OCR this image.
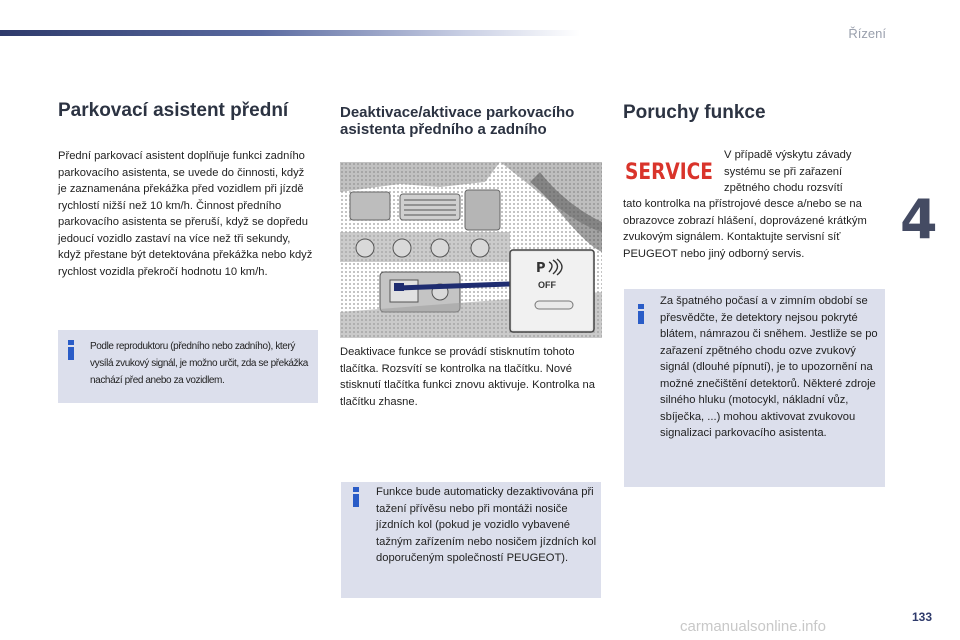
Řízení
4
133
carmanualsonline.info
Parkovací asistent přední
Přední parkovací asistent doplňuje funkci zadního parkovacího asistenta, se uvede do činnosti, když je zaznamenána překážka před vozidlem při jízdě rychlostí nižší než 10 km/h. Činnost předního parkovacího asistenta se přeruší, když se dopředu jedoucí vozidlo zastaví na více než tři sekundy, když přestane být detektována překážka nebo když rychlost vozidla překročí hodnotu 10 km/h.
Podle reproduktoru (předního nebo zadního), který vysílá zvukový signál, je možno určit, zda se překážka nachází před anebo za vozidlem.
Deaktivace/aktivace parkovacího asistenta předního a zadního
P
OFF
Deaktivace funkce se provádí stisknutím tohoto tlačítka. Rozsvítí se kontrolka na tlačítku. Nové stisknutí tlačítka funkci znovu aktivuje. Kontrolka na tlačítku zhasne.
Funkce bude automaticky dezaktivována při tažení přívěsu nebo při montáži nosiče jízdních kol (pokud je vozidlo vybavené tažným zařízením nebo nosičem jízdních kol doporučeným společností PEUGEOT).
Poruchy funkce
SERVICE
V případě výskytu závady systému se při zařazení zpětného chodu rozsvítí
tato kontrolka na přístrojové desce a/nebo se na obrazovce zobrazí hlášení, doprovázené krátkým zvukovým signálem. Kontaktujte servisní síť PEUGEOT nebo jiný odborný servis.
Za špatného počasí a v zimním období se přesvědčte, že detektory nejsou pokryté blátem, námrazou či sněhem. Jestliže se po zařazení zpětného chodu ozve zvukový signál (dlouhé pípnutí), je to upozornění na možné znečištění detektorů. Některé zdroje silného hluku (motocykl, nákladní vůz, sbíječka, ...) mohou aktivovat zvukovou signalizaci parkovacího asistenta.
